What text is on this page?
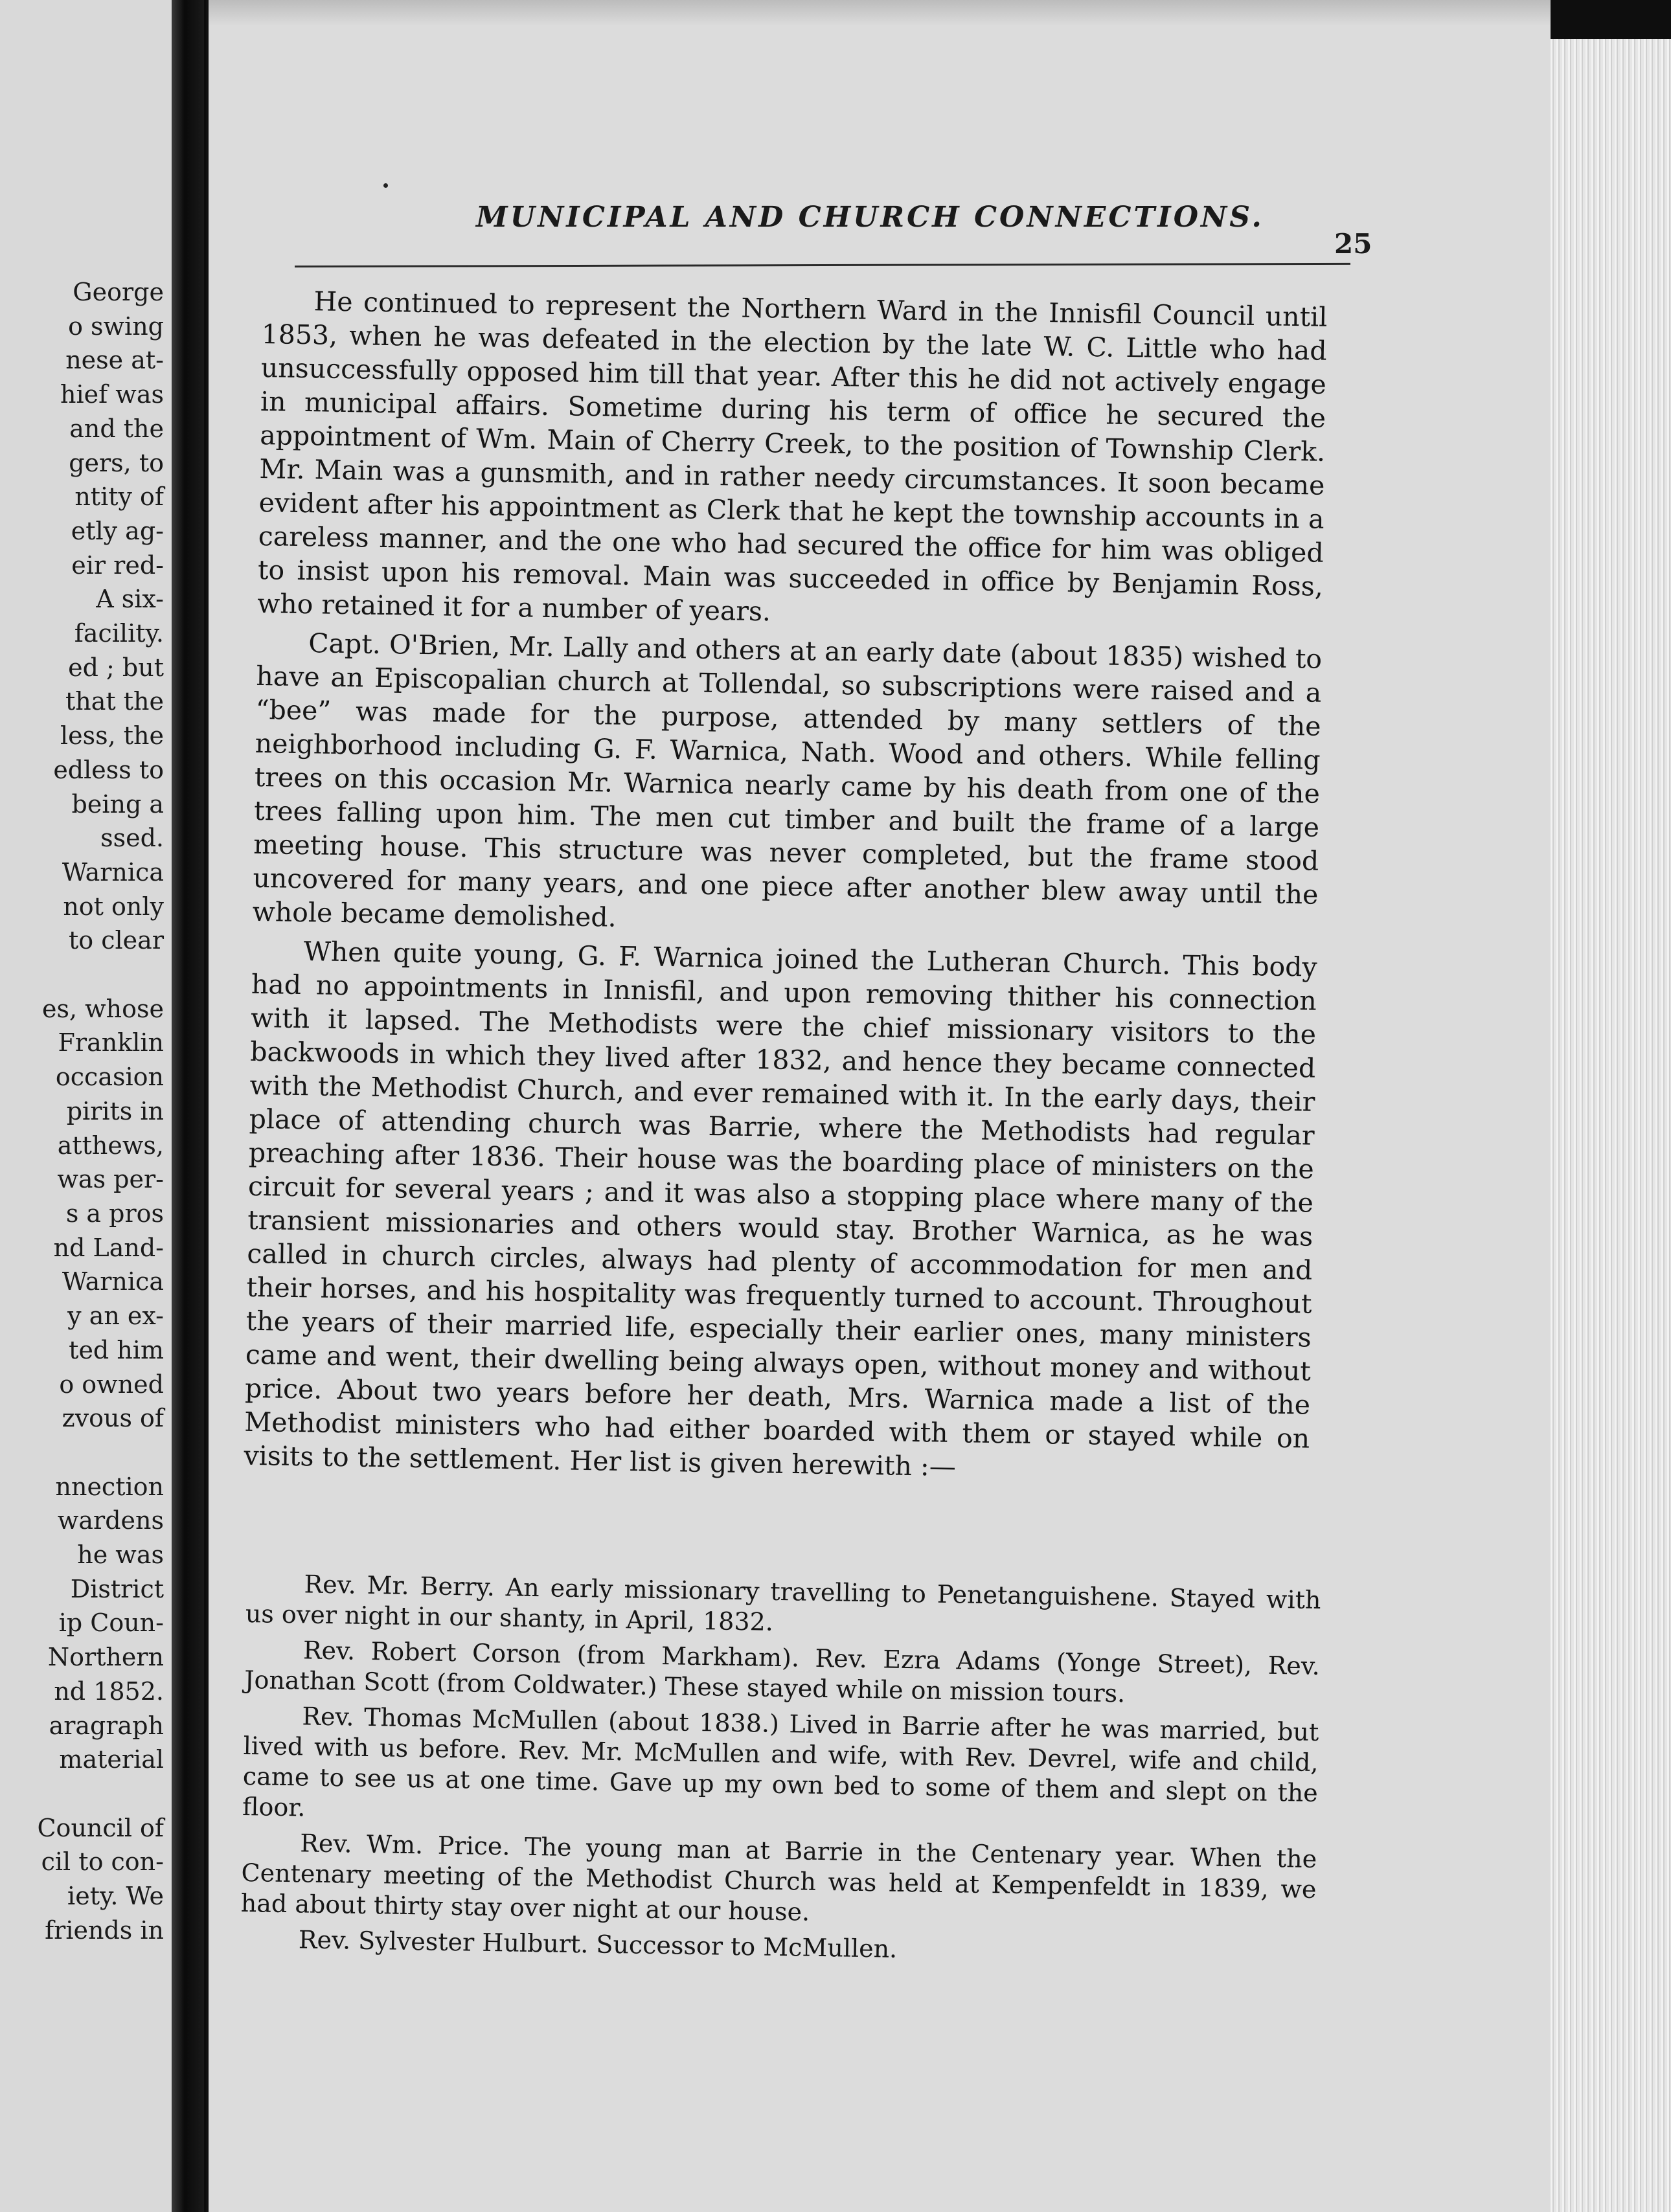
George
o swing
nese at-
hief was
and the
gers, to
ntity of
etly ag-
eir red-
A six-
facility.
ed ; but
that the
less, the
edless to
being a
ssed.
Warnica
not only
to clear

es, whose
Franklin
occasion
pirits in
atthews,
was per-
s a pros
nd Land-
Warnica
y an ex-
ted him
o owned
zvous of

nnection
wardens
he was
District
ip Coun-
Northern
nd 1852.
aragraph
material

Council of
cil to con-
iety. We
friends in
MUNICIPAL AND CHURCH CONNECTIONS.
25

He continued to represent the Northern Ward in the Innisfil Council until 1853, when he was defeated in the election by the late W. C. Little who had unsuccessfully opposed him till that year. After this he did not actively engage in municipal affairs. Sometime during his term of office he secured the appointment of Wm. Main of Cherry Creek, to the position of Township Clerk. Mr. Main was a gunsmith, and in rather needy circumstances. It soon became evident after his appointment as Clerk that he kept the township accounts in a careless manner, and the one who had secured the office for him was obliged to insist upon his removal. Main was succeeded in office by Benjamin Ross, who retained it for a number of years.

Capt. O'Brien, Mr. Lally and others at an early date (about 1835) wished to have an Episcopalian church at Tollendal, so subscriptions were raised and a “bee” was made for the purpose, attended by many settlers of the neighborhood including G. F. Warnica, Nath. Wood and others. While felling trees on this occasion Mr. Warnica nearly came by his death from one of the trees falling upon him. The men cut timber and built the frame of a large meeting house. This structure was never completed, but the frame stood uncovered for many years, and one piece after another blew away until the whole became demolished.

When quite young, G. F. Warnica joined the Lutheran Church. This body had no appointments in Innisfil, and upon removing thither his connection with it lapsed. The Methodists were the chief missionary visitors to the backwoods in which they lived after 1832, and hence they became connected with the Methodist Church, and ever remained with it. In the early days, their place of attending church was Barrie, where the Methodists had regular preaching after 1836. Their house was the boarding place of ministers on the circuit for several years ; and it was also a stopping place where many of the transient missionaries and others would stay. Brother Warnica, as he was called in church circles, always had plenty of accommodation for men and their horses, and his hospitality was frequently turned to account. Throughout the years of their married life, especially their earlier ones, many ministers came and went, their dwelling being always open, without money and without price. About two years before her death, Mrs. Warnica made a list of the Methodist ministers who had either boarded with them or stayed while on visits to the settlement. Her list is given herewith :—

Rev. Mr. Berry. An early missionary travelling to Penetanguishene. Stayed with us over night in our shanty, in April, 1832.

Rev. Robert Corson (from Markham). Rev. Ezra Adams (Yonge Street), Rev. Jonathan Scott (from Coldwater.) These stayed while on mission tours.

Rev. Thomas McMullen (about 1838.) Lived in Barrie after he was married, but lived with us before. Rev. Mr. McMullen and wife, with Rev. Devrel, wife and child, came to see us at one time. Gave up my own bed to some of them and slept on the floor.

Rev. Wm. Price. The young man at Barrie in the Centenary year. When the Centenary meeting of the Methodist Church was held at Kempenfeldt in 1839, we had about thirty stay over night at our house.

Rev. Sylvester Hulburt. Successor to McMullen.
